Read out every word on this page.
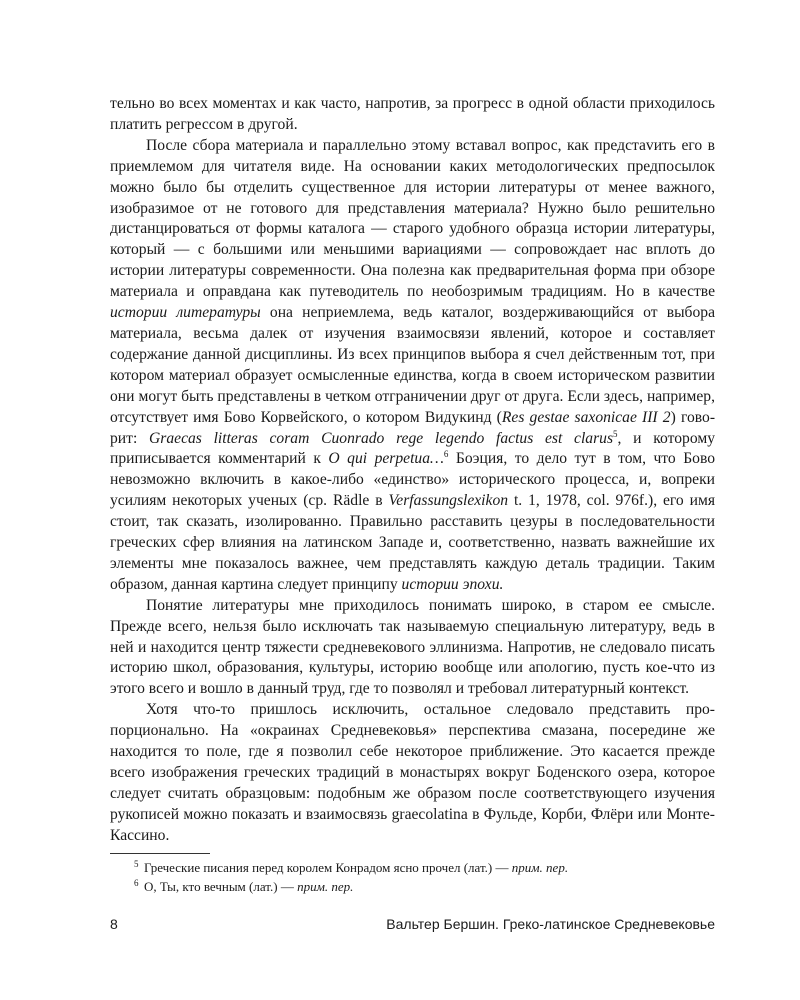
тельно во всех моментах и как часто, напротив, за прогресс в одной области приходилось платить регрессом в другой.

После сбора материала и параллельно этому вставал вопрос, как предстаvить его в приемлемом для читателя виде. На основании каких методологических предпосылок можно было бы отделить существенное для истории литературы от менее важного, изобразимое от не готового для представления материала? Нужно было решительно дистанцироваться от формы каталога — старого удобного образца истории литературы, который — с большими или меньшими вариациями — сопровождает нас вплоть до истории литературы современности. Она полезна как предварительная форма при обзоре материала и оправдана как путеводитель по необозримым традициям. Но в качестве истории литературы она неприемлема, ведь каталог, воздерживающийся от выбора материала, весьма далек от изучения взаимосвязи явлений, которое и составляет содержание данной дисциплины. Из всех принципов выбора я счел действенным тот, при котором материал образует осмысленные единства, когда в своем историческом развитии они могут быть представлены в четком отграничении друг от друга. Если здесь, например, отсутствует имя Бово Корвейского, о котором Видукинд (Res gestae saxonicae III 2) говорит: Graecas litteras coram Cuonrado rege legendo factus est clarus$^5$, и которому приписывается комментарий к O qui perpetua…$^6$ Боэция, то дело тут в том, что Бово невозможно включить в какое-либо «единство» исторического процесса, и, вопреки усилиям некоторых ученых (ср. Rädle в Verfassungslexikon t. 1, 1978, col. 976f.), его имя стоит, так сказать, изолированно. Правильно расставить цезуры в последовательности греческих сфер влияния на латинском Западе и, соответственно, назвать важнейшие их элементы мне показалось важнее, чем представлять каждую деталь традиции. Таким образом, данная картина следует принципу истории эпохи.

Понятие литературы мне приходилось понимать широко, в старом ее смысле. Прежде всего, нельзя было исключать так называемую специальную литературу, ведь в ней и находится центр тяжести средневекового эллинизма. Напротив, не следовало писать историю школ, образования, культуры, историю вообще или апологию, пусть кое-что из этого всего и вошло в данный труд, где то позволял и требовал литературный контекст.

Хотя что-то пришлось исключить, остальное следовало представить пропорционально. На «окраинах Средневековья» перспектива смазана, посередине же находится то поле, где я позволил себе некоторое приближение. Это касается прежде всего изображения греческих традиций в монастырях вокруг Боденского озера, которое следует считать образцовым: подобным же образом после соответствующего изучения рукописей можно показать и взаимосвязь graecolatina в Фульде, Корби, Флёри или Монте-Кассино.

5 Греческие писания перед королем Конрадом ясно прочел (лат.) — прим. пер.
6 О, Ты, кто вечным (лат.) — прим. пер.
8	Вальтер Бершин. Греко-латинское Средневековье
